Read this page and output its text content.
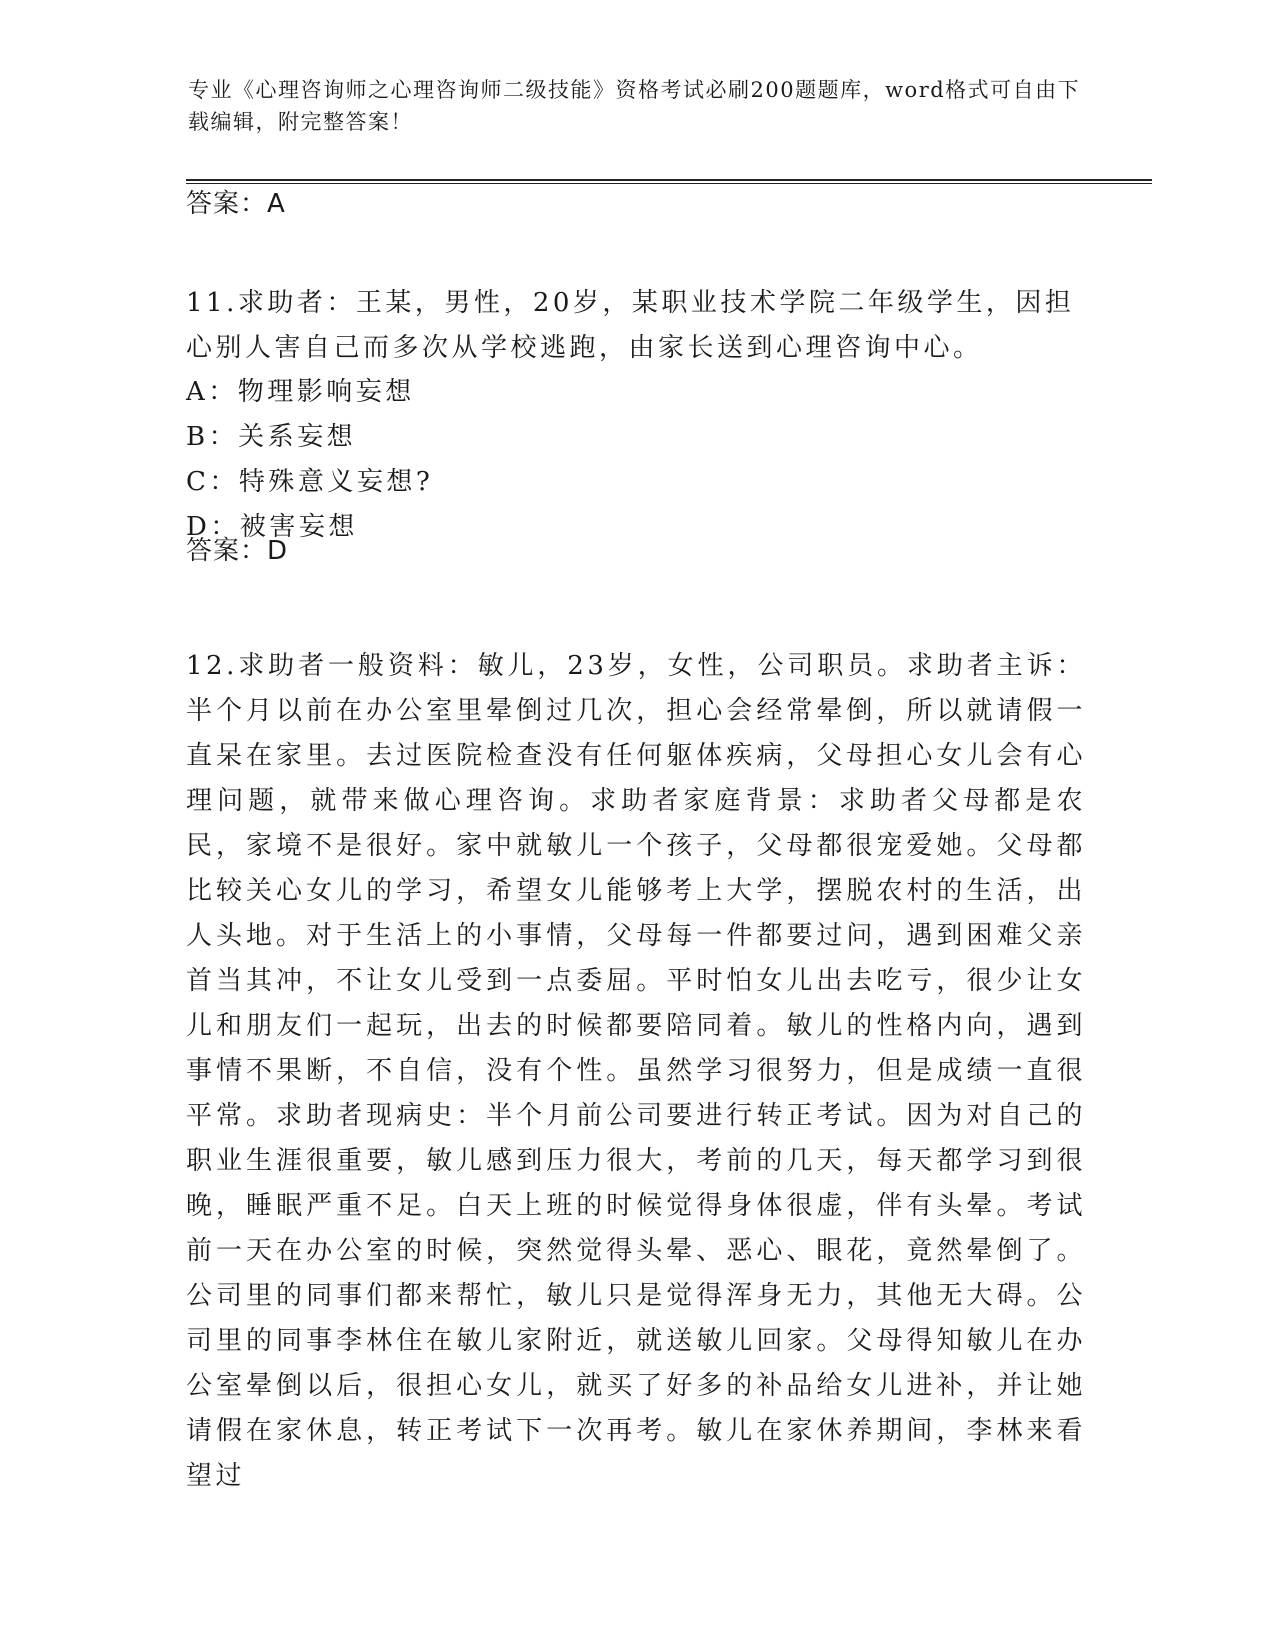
专业《心理咨询师之心理咨询师二级技能》资格考试必刷200题题库，word格式可自由下载编辑，附完整答案！
答案：A
11.求助者：王某，男性，20岁，某职业技术学院二年级学生，因担心别人害自己而多次从学校逃跑，由家长送到心理咨询中心。
A：物理影响妄想
B：关系妄想
C：特殊意义妄想?
D：被害妄想
答案：D

12.求助者一般资料：敏儿，23岁，女性，公司职员。求助者主诉：半个月以前在办公室里晕倒过几次，担心会经常晕倒，所以就请假一直呆在家里。去过医院检查没有任何躯体疾病，父母担心女儿会有心理问题，就带来做心理咨询。求助者家庭背景：求助者父母都是农民，家境不是很好。家中就敏儿一个孩子，父母都很宠爱她。父母都比较关心女儿的学习，希望女儿能够考上大学，摆脱农村的生活，出人头地。对于生活上的小事情，父母每一件都要过问，遇到困难父亲首当其冲，不让女儿受到一点委屈。平时怕女儿出去吃亏，很少让女儿和朋友们一起玩，出去的时候都要陪同着。敏儿的性格内向，遇到事情不果断，不自信，没有个性。虽然学习很努力，但是成绩一直很平常。求助者现病史：半个月前公司要进行转正考试。因为对自己的职业生涯很重要，敏儿感到压力很大，考前的几天，每天都学习到很晚，睡眠严重不足。白天上班的时候觉得身体很虚，伴有头晕。考试前一天在办公室的时候，突然觉得头晕、恶心、眼花，竟然晕倒了。公司里的同事们都来帮忙，敏儿只是觉得浑身无力，其他无大碍。公司里的同事李林住在敏儿家附近，就送敏儿回家。父母得知敏儿在办公室晕倒以后，很担心女儿，就买了好多的补品给女儿进补，并让她请假在家休息，转正考试下一次再考。敏儿在家休养期间，李林来看望过
